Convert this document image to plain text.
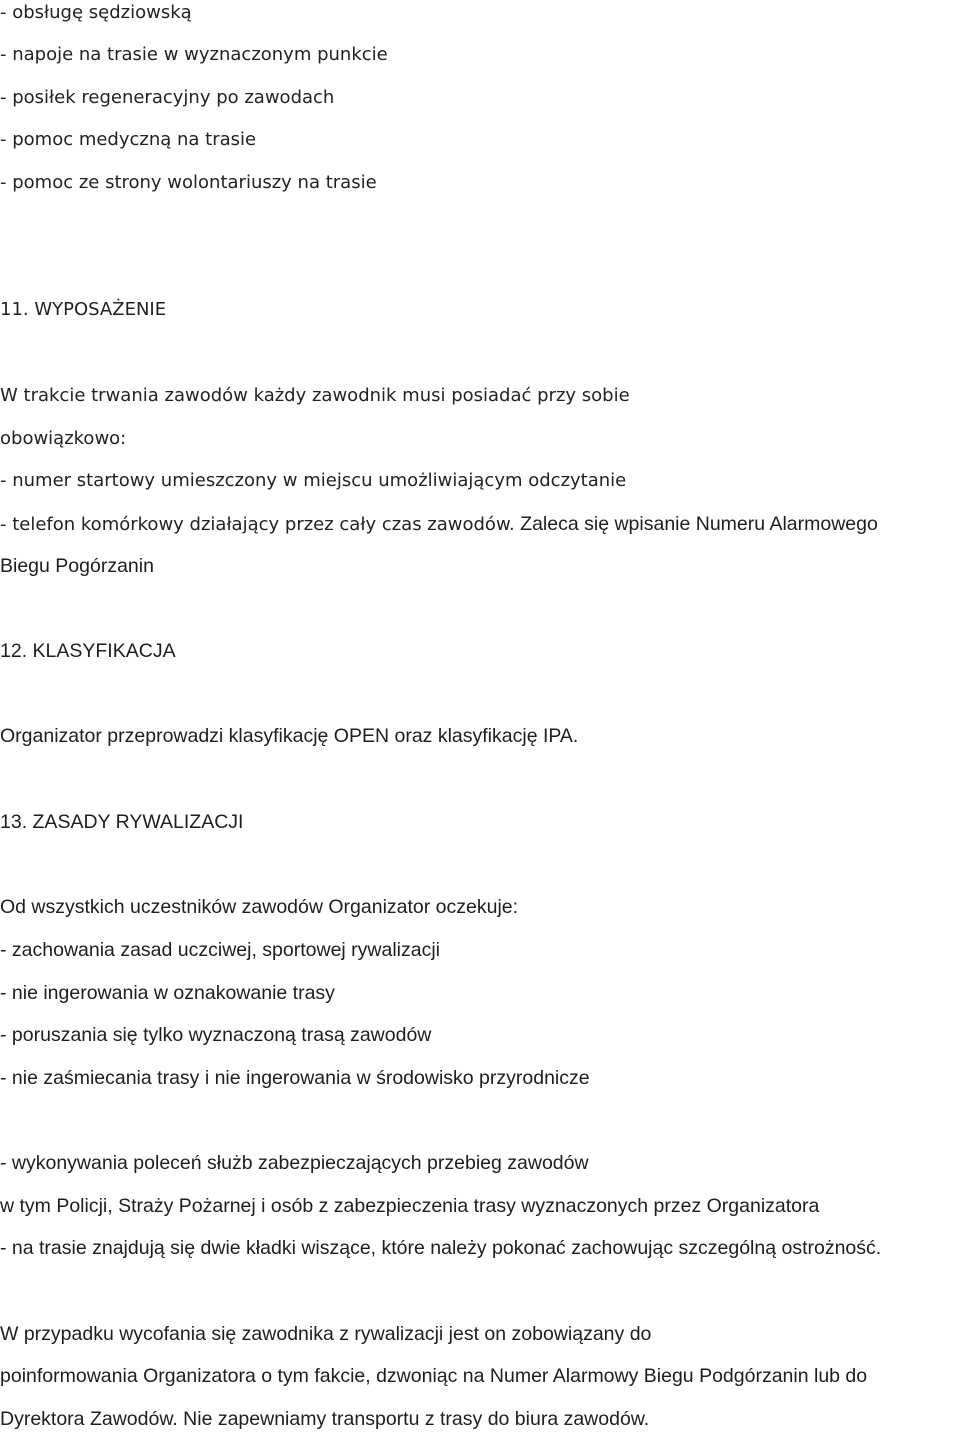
- obsługę sędziowską
- napoje na trasie w wyznaczonym punkcie
- posiłek regeneracyjny po zawodach
- pomoc medyczną na trasie
- pomoc ze strony wolontariuszy na trasie
11. WYPOSAŻENIE
W trakcie trwania zawodów każdy zawodnik musi posiadać przy sobie
obowiązkowo:
- numer startowy umieszczony w miejscu umożliwiającym odczytanie
- telefon komórkowy działający przez cały czas zawodów. Zaleca się wpisanie Numeru Alarmowego
Biegu Pogórzanin
12. KLASYFIKACJA
Organizator przeprowadzi klasyfikację OPEN oraz klasyfikację IPA.
13. ZASADY RYWALIZACJI
Od wszystkich uczestników zawodów Organizator oczekuje:
- zachowania zasad uczciwej, sportowej rywalizacji
- nie ingerowania w oznakowanie trasy
- poruszania się tylko wyznaczoną trasą zawodów
- nie zaśmiecania trasy i nie ingerowania w środowisko przyrodnicze
- wykonywania poleceń służb zabezpieczających przebieg zawodów
w tym Policji, Straży Pożarnej i osób z zabezpieczenia trasy wyznaczonych przez Organizatora
- na trasie znajdują się dwie kładki wiszące, które należy pokonać zachowując szczególną ostrożność.
W przypadku wycofania się zawodnika z rywalizacji jest on zobowiązany do
poinformowania Organizatora o tym fakcie, dzwoniąc na Numer Alarmowy Biegu Podgórzanin lub do
Dyrektora Zawodów. Nie zapewniamy transportu z trasy do biura zawodów.
